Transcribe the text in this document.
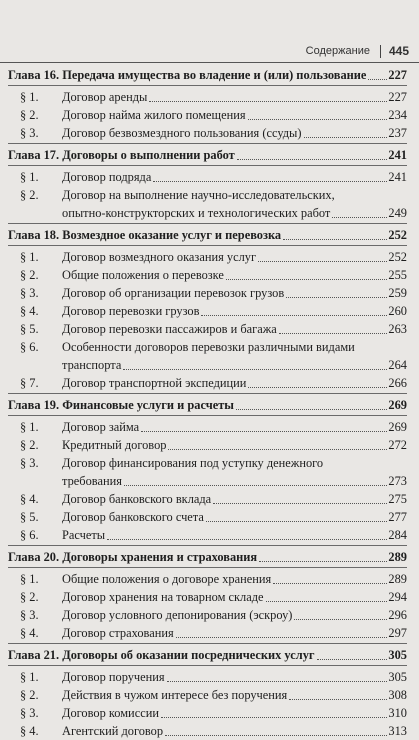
Содержание 445
Глава 16. Передача имущества во владение и (или) пользование 227
§ 1.	Договор аренды	227
§ 2.	Договор найма жилого помещения	234
§ 3.	Договор безвозмездного пользования (ссуды)	237
Глава 17. Договоры о выполнении работ	241
§ 1.	Договор подряда	241
§ 2.	Договор на выполнение научно-исследовательских,
опытно-конструкторских и технологических работ	249
Глава 18. Возмездное оказание услуг и перевозка	252
§ 1.	Договор возмездного оказания услуг	252
§ 2.	Общие положения о перевозке	255
§ 3.	Договор об организации перевозок грузов	259
§ 4.	Договор перевозки грузов	260
§ 5.	Договор перевозки пассажиров и багажа	263
§ 6.	Особенности договоров перевозки различными видами
транспорта	264
§ 7.	Договор транспортной экспедиции	266
Глава 19. Финансовые услуги и расчеты	269
§ 1.	Договор займа	269
§ 2.	Кредитный договор	272
§ 3.	Договор финансирования под уступку денежного
требования	273
§ 4.	Договор банковского вклада	275
§ 5.	Договор банковского счета	277
§ 6.	Расчеты	284
Глава 20. Договоры хранения и страхования	289
§ 1.	Общие положения о договоре хранения	289
§ 2.	Договор хранения на товарном складе	294
§ 3.	Договор условного депонирования (эскроу)	296
§ 4.	Договор страхования	297
Глава 21. Договоры об оказании посреднических услуг	305
§ 1.	Договор поручения	305
§ 2.	Действия в чужом интересе без поручения	308
§ 3.	Договор комиссии	310
§ 4.	Агентский договор	313
